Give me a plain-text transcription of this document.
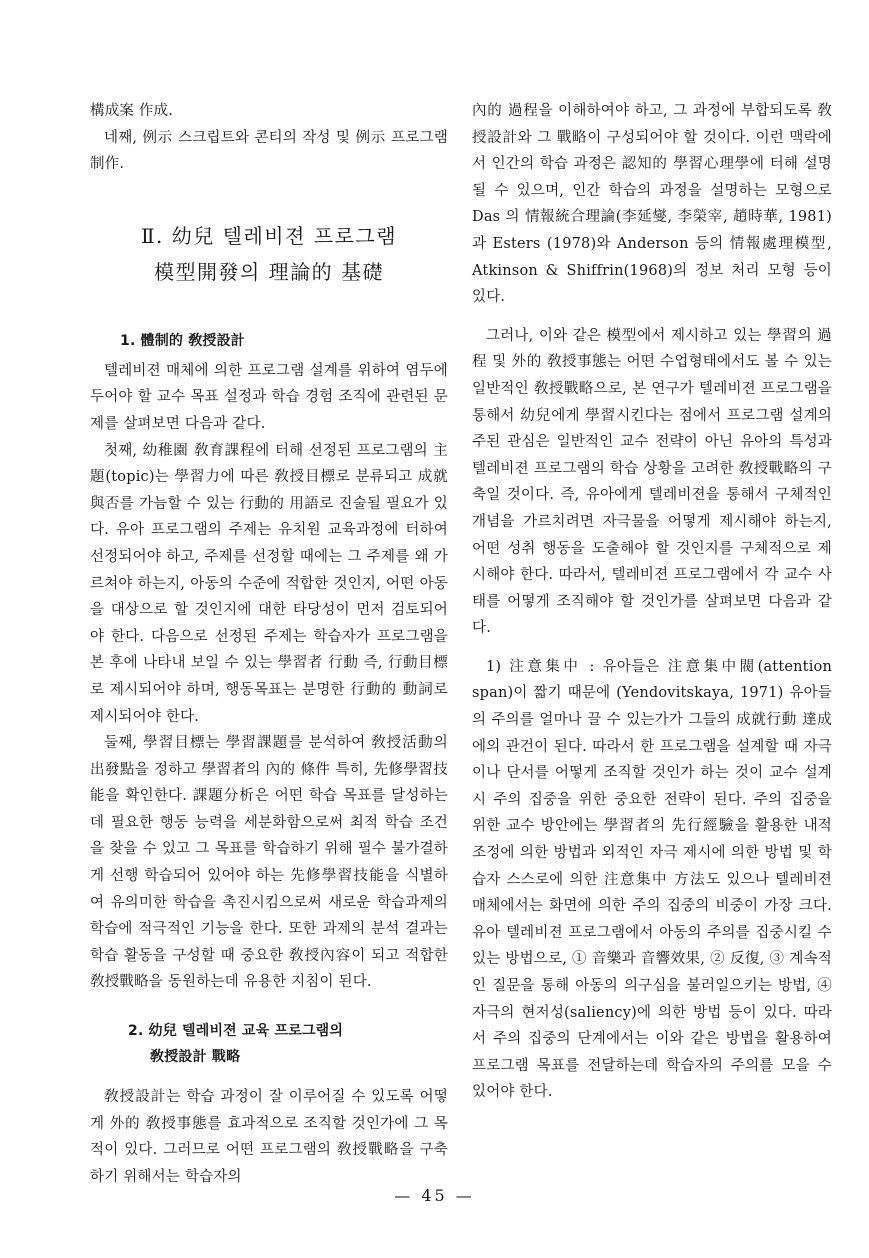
構成案 作成.

네째, 例示 스크립트와 콘티의 작성 및 例示 프로그램 制作.

Ⅱ. 幼兒 텔레비젼 프로그램
模型開發의 理論的 基礎
1. 體制的 敎授設計

텔레비젼 매체에 의한 프로그램 설계를 위하여 염두에 두어야 할 교수 목표 설정과 학습 경험 조직에 관련된 문제를 살펴보면 다음과 같다.

첫째, 幼稚園 敎育課程에 터해 선정된 프로그램의 主題(topic)는 學習力에 따른 敎授目標로 분류되고 成就與否를 가늠할 수 있는 行動的 用語로 진술될 필요가 있다. 유아 프로그램의 주제는 유치원 교육과정에 터하여 선정되어야 하고, 주제를 선정할 때에는 그 주제를 왜 가르쳐야 하는지, 아동의 수준에 적합한 것인지, 어떤 아동을 대상으로 할 것인지에 대한 타당성이 먼저 검토되어야 한다. 다음으로 선정된 주제는 학습자가 프로그램을 본 후에 나타내 보일 수 있는 學習者 行動 즉, 行動目標로 제시되어야 하며, 행동목표는 분명한 行動的 動詞로 제시되어야 한다.

둘째, 學習目標는 學習課題를 분석하여 敎授活動의 出發點을 정하고 學習者의 內的 條件 특히, 先修學習技能을 확인한다. 課題分析은 어떤 학습 목표를 달성하는데 필요한 행동 능력을 세분화함으로써 최적 학습 조건을 찾을 수 있고 그 목표를 학습하기 위해 필수 불가결하게 선행 학습되어 있어야 하는 先修學習技能을 식별하여 유의미한 학습을 촉진시킴으로써 새로운 학습과제의 학습에 적극적인 기능을 한다. 또한 과제의 분석 결과는 학습 활동을 구성할 때 중요한 敎授內容이 되고 적합한 敎授戰略을 동원하는데 유용한 지침이 된다.

2. 幼兒 텔레비젼 교육 프로그램의
敎授設計 戰略

敎授設計는 학습 과정이 잘 이루어질 수 있도록 어떻게 外的 敎授事態를 효과적으로 조직할 것인가에 그 목적이 있다. 그러므로 어떤 프로그램의 敎授戰略을 구축하기 위해서는 학습자의

內的 過程을 이해하여야 하고, 그 과정에 부합되도록 敎授設計와 그 戰略이 구성되어야 할 것이다. 이런 맥락에서 인간의 학습 과정은 認知的 學習心理學에 터해 설명될 수 있으며, 인간 학습의 과정을 설명하는 모형으로 Das 의 情報統合理論(李延燮, 李榮宰, 趙時華, 1981)과 Esters (1978)와 Anderson 등의 情報處理模型, Atkinson & Shiffrin(1968)의 정보 처리 모형 등이 있다.

그러나, 이와 같은 模型에서 제시하고 있는 學習의 過程 및 外的 敎授事態는 어떤 수업형태에서도 볼 수 있는 일반적인 敎授戰略으로, 본 연구가 텔레비젼 프로그램을 통해서 幼兒에게 學習시킨다는 점에서 프로그램 설계의 주된 관심은 일반적인 교수 전략이 아닌 유아의 특성과 텔레비젼 프로그램의 학습 상황을 고려한 敎授戰略의 구축일 것이다. 즉, 유아에게 텔레비젼을 통해서 구체적인 개념을 가르치려면 자극물을 어떻게 제시해야 하는지, 어떤 성취 행동을 도출해야 할 것인지를 구체적으로 제시해야 한다. 따라서, 텔레비젼 프로그램에서 각 교수 사태를 어떻게 조직해야 할 것인가를 살펴보면 다음과 같다.

1) 注意集中 : 유아들은 注意集中閥(attention span)이 짧기 때문에 (Yendovitskaya, 1971) 유아들의 주의를 얼마나 끌 수 있는가가 그들의 成就行動 達成에의 관건이 된다. 따라서 한 프로그램을 설계할 때 자극이나 단서를 어떻게 조직할 것인가 하는 것이 교수 설계시 주의 집중을 위한 중요한 전략이 된다. 주의 집중을 위한 교수 방안에는 學習者의 先行經驗을 활용한 내적 조정에 의한 방법과 외적인 자극 제시에 의한 방법 및 학습자 스스로에 의한 注意集中 方法도 있으나 텔레비젼 매체에서는 화면에 의한 주의 집중의 비중이 가장 크다. 유아 텔레비젼 프로그램에서 아동의 주의를 집중시킬 수 있는 방법으로, ① 音樂과 音響效果, ② 反復, ③ 계속적인 질문을 통해 아동의 의구심을 불러일으키는 방법, ④ 자극의 현저성(saliency)에 의한 방법 등이 있다. 따라서 주의 집중의 단계에서는 이와 같은 방법을 활용하여 프로그램 목표를 전달하는데 학습자의 주의를 모을 수 있어야 한다.

— 45 —
